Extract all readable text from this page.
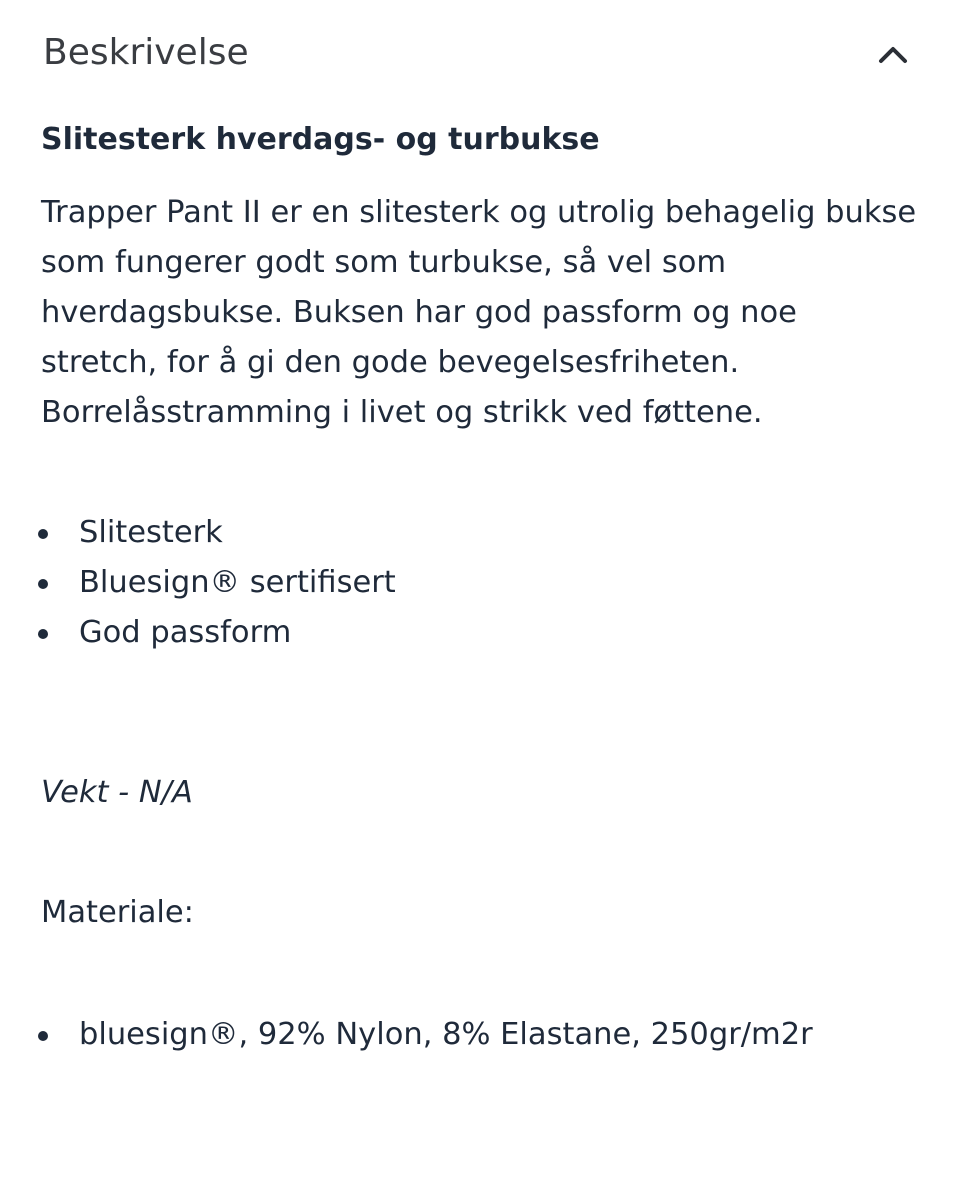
Beskrivelse
Slitesterk hverdags- og turbukse

Trapper Pant II er en slitesterk og utrolig behagelig bukse som fungerer godt som turbukse, så vel som hverdagsbukse. Buksen har god passform og noe stretch, for å gi den gode bevegelsesfriheten. Borrelåsstramming i livet og strikk ved føttene.

Slitesterk
Bluesign® sertifisert
God passform

Vekt - N/A

Materiale:

bluesign®, 92% Nylon, 8% Elastane, 250gr/m2r
